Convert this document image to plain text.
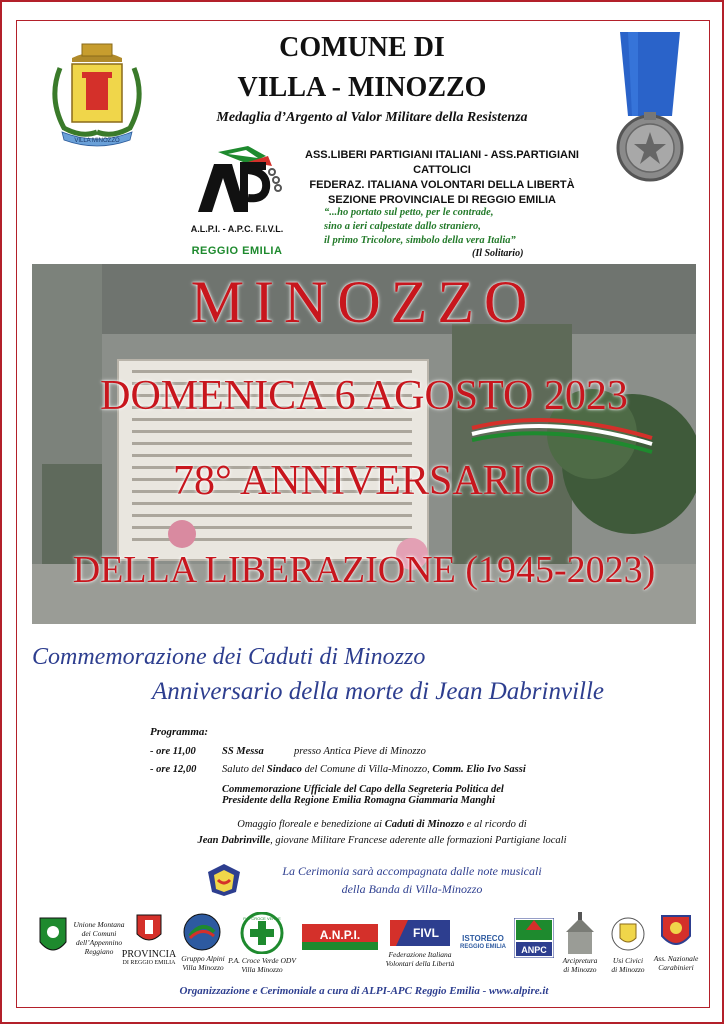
VILLA MINOZZO
COMUNE DI
VILLA - MINOZZO
Medaglia d’Argento al Valor Militare della Resistenza
A.L.P.I. - A.P.C. F.I.V.L.
REGGIO EMILIA
ASS.LIBERI PARTIGIANI ITALIANI - ASS.PARTIGIANI CATTOLICI
FEDERAZ. ITALIANA VOLONTARI DELLA LIBERTÀ
SEZIONE PROVINCIALE DI REGGIO EMILIA
“...ho portato sul petto, per le contrade,
sino a ieri calpestate dallo straniero,
il primo Tricolore, simbolo della vera Italia”
(Il Solitario)
MINOZZO
DOMENICA 6 AGOSTO 2023
78° ANNIVERSARIO
DELLA LIBERAZIONE (1945-2023)
Commemorazione dei Caduti di Minozzo
Anniversario della morte di Jean Dabrinville
Programma:
- ore 11,00 SS Messa	presso Antica Pieve di Minozzo
- ore 12,00 Saluto del Sindaco del Comune di Villa-Minozzo, Comm. Elio Ivo Sassi
Commemorazione Ufficiale del Capo della Segreteria Politica del
Presidente della Regione Emilia Romagna Giammaria Manghi
Omaggio floreale e benedizione ai Caduti di Minozzo e al ricordo di
Jean Dabrinville, giovane Militare Francese aderente alle formazioni Partigiane locali
La Cerimonia sarà accompagnata dalle note musicali
della Banda di Villa-Minozzo
Unione Montana
dei Comuni
dell’Appennino
Reggiano PROVINCIA
DI REGGIO EMILIA Gruppo Alpini
Villa Minozzo
P.A. CROCE VERDE
P.A. Croce Verde ODV
Villa Minozzo
A.N.P.I.	FIVL
Federazione Italiana
Volontari della Libertà
ISTORECO
REGGIO EMILIA ANPC
Arcipretura
di Minozzo
Usi Civici
di Minozzo
Ass. Nazionale
Carabinieri
Organizzazione e Cerimoniale a cura di ALPI-APC Reggio Emilia - www.alpire.it
